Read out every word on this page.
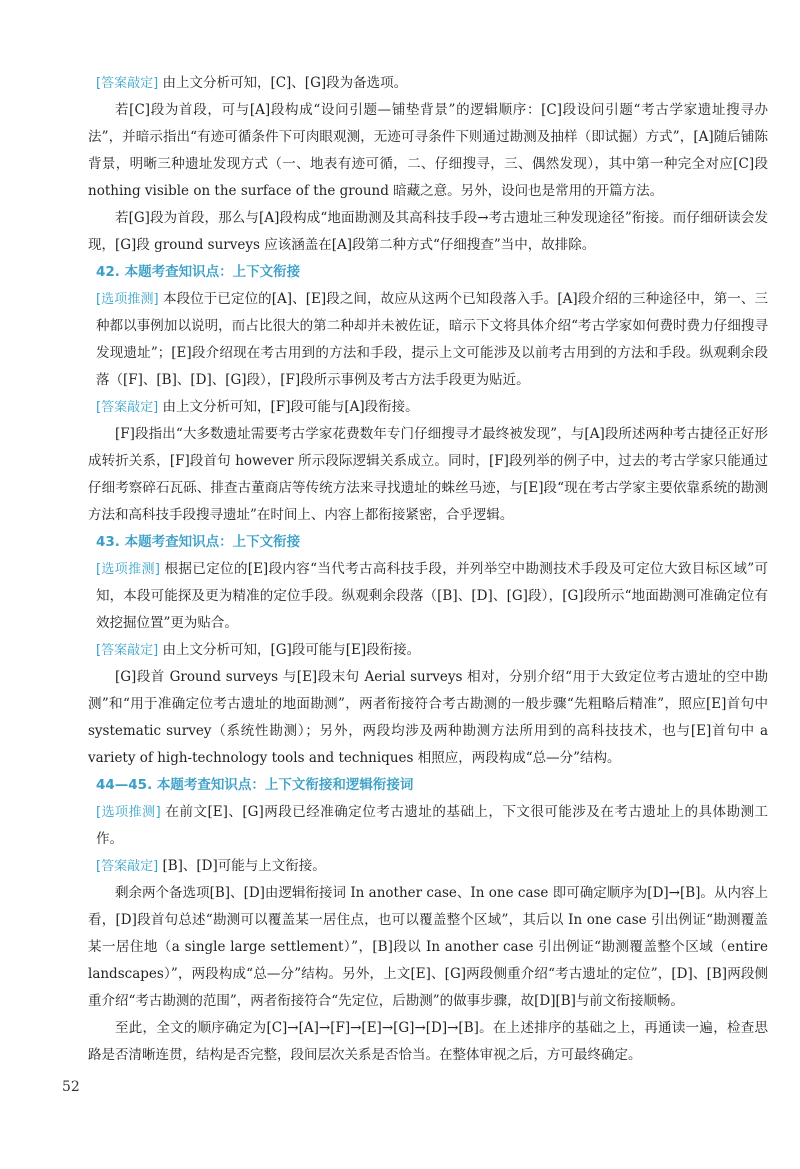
[答案敲定] 由上文分析可知，[C]、[G]段为备选项。

若[C]段为首段，可与[A]段构成“设问引题—铺垫背景”的逻辑顺序：[C]段设问引题“考古学家遗址搜寻办法”，并暗示指出“有迹可循条件下可肉眼观测，无迹可寻条件下则通过勘测及抽样（即试掘）方式”，[A]随后铺陈背景，明晰三种遗址发现方式（一、地表有迹可循，二、仔细搜寻，三、偶然发现），其中第一种完全对应[C]段 nothing visible on the surface of the ground 暗藏之意。另外，设问也是常用的开篇方法。

若[G]段为首段，那么与[A]段构成“地面勘测及其高科技手段→考古遗址三种发现途径”衔接。而仔细研读会发现，[G]段 ground surveys 应该涵盖在[A]段第二种方式“仔细搜查”当中，故排除。

42. 本题考查知识点：上下文衔接

[选项推测] 本段位于已定位的[A]、[E]段之间，故应从这两个已知段落入手。[A]段介绍的三种途径中，第一、三种都以事例加以说明，而占比很大的第二种却并未被佐证，暗示下文将具体介绍“考古学家如何费时费力仔细搜寻发现遗址”；[E]段介绍现在考古用到的方法和手段，提示上文可能涉及以前考古用到的方法和手段。纵观剩余段落（[F]、[B]、[D]、[G]段），[F]段所示事例及考古方法手段更为贴近。

[答案敲定] 由上文分析可知，[F]段可能与[A]段衔接。

[F]段指出“大多数遗址需要考古学家花费数年专门仔细搜寻才最终被发现”，与[A]段所述两种考古捷径正好形成转折关系，[F]段首句 however 所示段际逻辑关系成立。同时，[F]段列举的例子中，过去的考古学家只能通过仔细考察碎石瓦砾、排查古董商店等传统方法来寻找遗址的蛛丝马迹，与[E]段“现在考古学家主要依靠系统的勘测方法和高科技手段搜寻遗址”在时间上、内容上都衔接紧密，合乎逻辑。

43. 本题考查知识点：上下文衔接

[选项推测] 根据已定位的[E]段内容“当代考古高科技手段，并列举空中勘测技术手段及可定位大致目标区域”可知，本段可能探及更为精准的定位手段。纵观剩余段落（[B]、[D]、[G]段），[G]段所示“地面勘测可准确定位有效挖掘位置”更为贴合。

[答案敲定] 由上文分析可知，[G]段可能与[E]段衔接。

[G]段首 Ground surveys 与[E]段末句 Aerial surveys 相对，分别介绍“用于大致定位考古遗址的空中勘测”和“用于准确定位考古遗址的地面勘测”，两者衔接符合考古勘测的一般步骤“先粗略后精准”，照应[E]首句中 systematic survey（系统性勘测）；另外，两段均涉及两种勘测方法所用到的高科技技术，也与[E]首句中 a variety of high-technology tools and techniques 相照应，两段构成“总—分”结构。

44—45. 本题考查知识点：上下文衔接和逻辑衔接词

[选项推测] 在前文[E]、[G]两段已经准确定位考古遗址的基础上，下文很可能涉及在考古遗址上的具体勘测工作。

[答案敲定] [B]、[D]可能与上文衔接。

剩余两个备选项[B]、[D]由逻辑衔接词 In another case、In one case 即可确定顺序为[D]→[B]。从内容上看，[D]段首句总述“勘测可以覆盖某一居住点，也可以覆盖整个区域”，其后以 In one case 引出例证“勘测覆盖某一居住地（a single large settlement）”，[B]段以 In another case 引出例证“勘测覆盖整个区域（entire landscapes）”，两段构成“总—分”结构。另外，上文[E]、[G]两段侧重介绍“考古遗址的定位”，[D]、[B]两段侧重介绍“考古勘测的范围”，两者衔接符合“先定位，后勘测”的做事步骤，故[D][B]与前文衔接顺畅。

至此，全文的顺序确定为[C]→[A]→[F]→[E]→[G]→[D]→[B]。在上述排序的基础之上，再通读一遍，检查思路是否清晰连贯，结构是否完整，段间层次关系是否恰当。在整体审视之后，方可最终确定。

52
